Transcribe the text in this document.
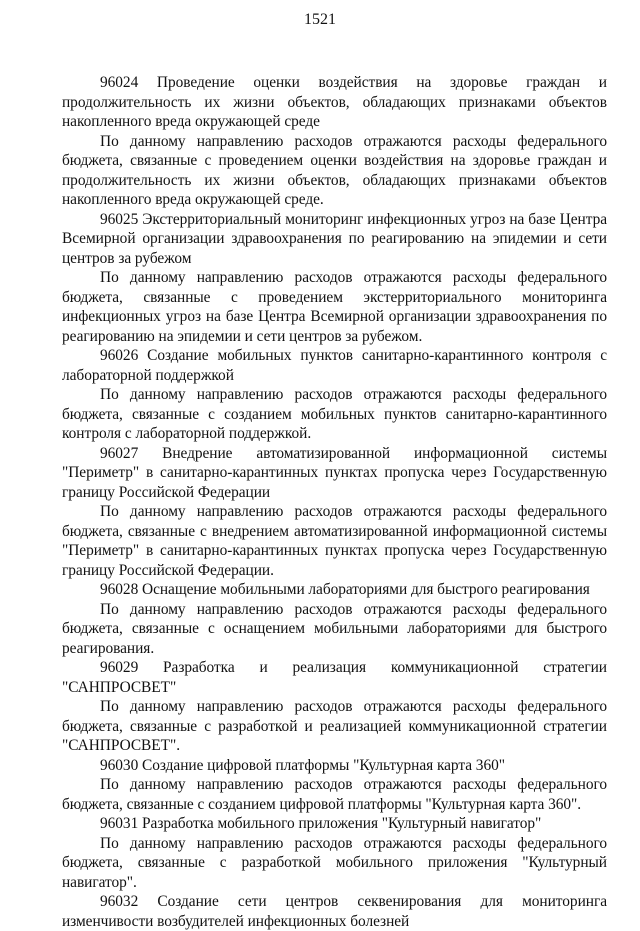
1521

96024 Проведение оценки воздействия на здоровье граждан и продолжительность их жизни объектов, обладающих признаками объектов накопленного вреда окружающей среде

По данному направлению расходов отражаются расходы федерального бюджета, связанные с проведением оценки воздействия на здоровье граждан и продолжительность их жизни объектов, обладающих признаками объектов накопленного вреда окружающей среде.

96025 Экстерриториальный мониторинг инфекционных угроз на базе Центра Всемирной организации здравоохранения по реагированию на эпидемии и сети центров за рубежом

По данному направлению расходов отражаются расходы федерального бюджета, связанные с проведением экстерриториального мониторинга инфекционных угроз на базе Центра Всемирной организации здравоохранения по реагированию на эпидемии и сети центров за рубежом.

96026 Создание мобильных пунктов санитарно-карантинного контроля с лабораторной поддержкой

По данному направлению расходов отражаются расходы федерального бюджета, связанные с созданием мобильных пунктов санитарно-карантинного контроля с лабораторной поддержкой.

96027 Внедрение автоматизированной информационной системы "Периметр" в санитарно-карантинных пунктах пропуска через Государственную границу Российской Федерации

По данному направлению расходов отражаются расходы федерального бюджета, связанные с внедрением автоматизированной информационной системы "Периметр" в санитарно-карантинных пунктах пропуска через Государственную границу Российской Федерации.

96028 Оснащение мобильными лабораториями для быстрого реагирования

По данному направлению расходов отражаются расходы федерального бюджета, связанные с оснащением мобильными лабораториями для быстрого реагирования.

96029 Разработка и реализация коммуникационной стратегии "САНПРОСВЕТ"

По данному направлению расходов отражаются расходы федерального бюджета, связанные с разработкой и реализацией коммуникационной стратегии "САНПРОСВЕТ".

96030 Создание цифровой платформы "Культурная карта 360"

По данному направлению расходов отражаются расходы федерального бюджета, связанные с созданием цифровой платформы "Культурная карта 360".

96031 Разработка мобильного приложения "Культурный навигатор"

По данному направлению расходов отражаются расходы федерального бюджета, связанные с разработкой мобильного приложения "Культурный навигатор".

96032 Создание сети центров секвенирования для мониторинга изменчивости возбудителей инфекционных болезней
